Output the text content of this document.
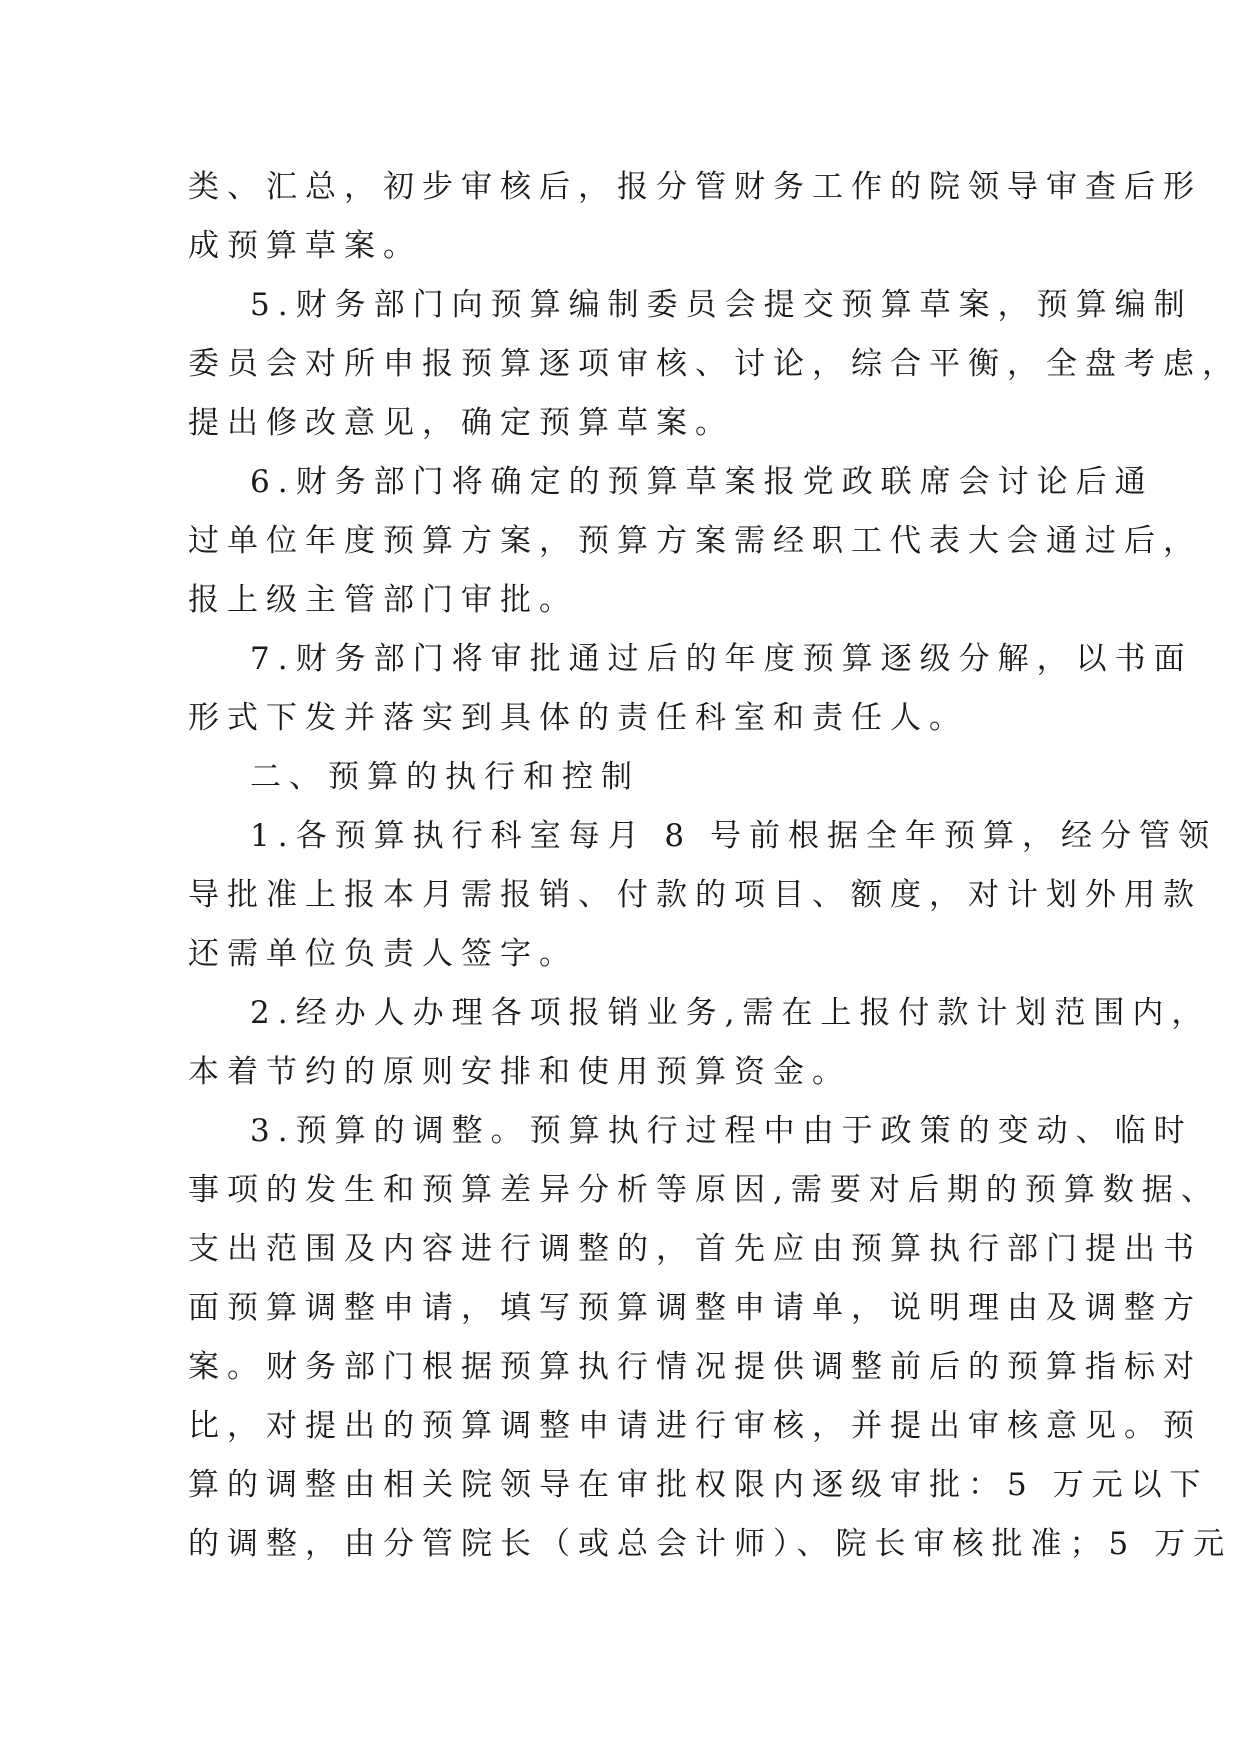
类、汇总，初步审核后，报分管财务工作的院领导审查后形
成预算草案。
5.财务部门向预算编制委员会提交预算草案，预算编制
委员会对所申报预算逐项审核、讨论，综合平衡，全盘考虑，
提出修改意见，确定预算草案。
6.财务部门将确定的预算草案报党政联席会讨论后通
过单位年度预算方案，预算方案需经职工代表大会通过后，
报上级主管部门审批。
7.财务部门将审批通过后的年度预算逐级分解，以书面
形式下发并落实到具体的责任科室和责任人。
二、预算的执行和控制
1.各预算执行科室每月 8 号前根据全年预算，经分管领
导批准上报本月需报销、付款的项目、额度，对计划外用款
还需单位负责人签字。
2.经办人办理各项报销业务,需在上报付款计划范围内，
本着节约的原则安排和使用预算资金。
3.预算的调整。预算执行过程中由于政策的变动、临时
事项的发生和预算差异分析等原因,需要对后期的预算数据、
支出范围及内容进行调整的，首先应由预算执行部门提出书
面预算调整申请，填写预算调整申请单，说明理由及调整方
案。财务部门根据预算执行情况提供调整前后的预算指标对
比，对提出的预算调整申请进行审核，并提出审核意见。预
算的调整由相关院领导在审批权限内逐级审批：5 万元以下
的调整，由分管院长（或总会计师）、院长审核批准；5 万元
